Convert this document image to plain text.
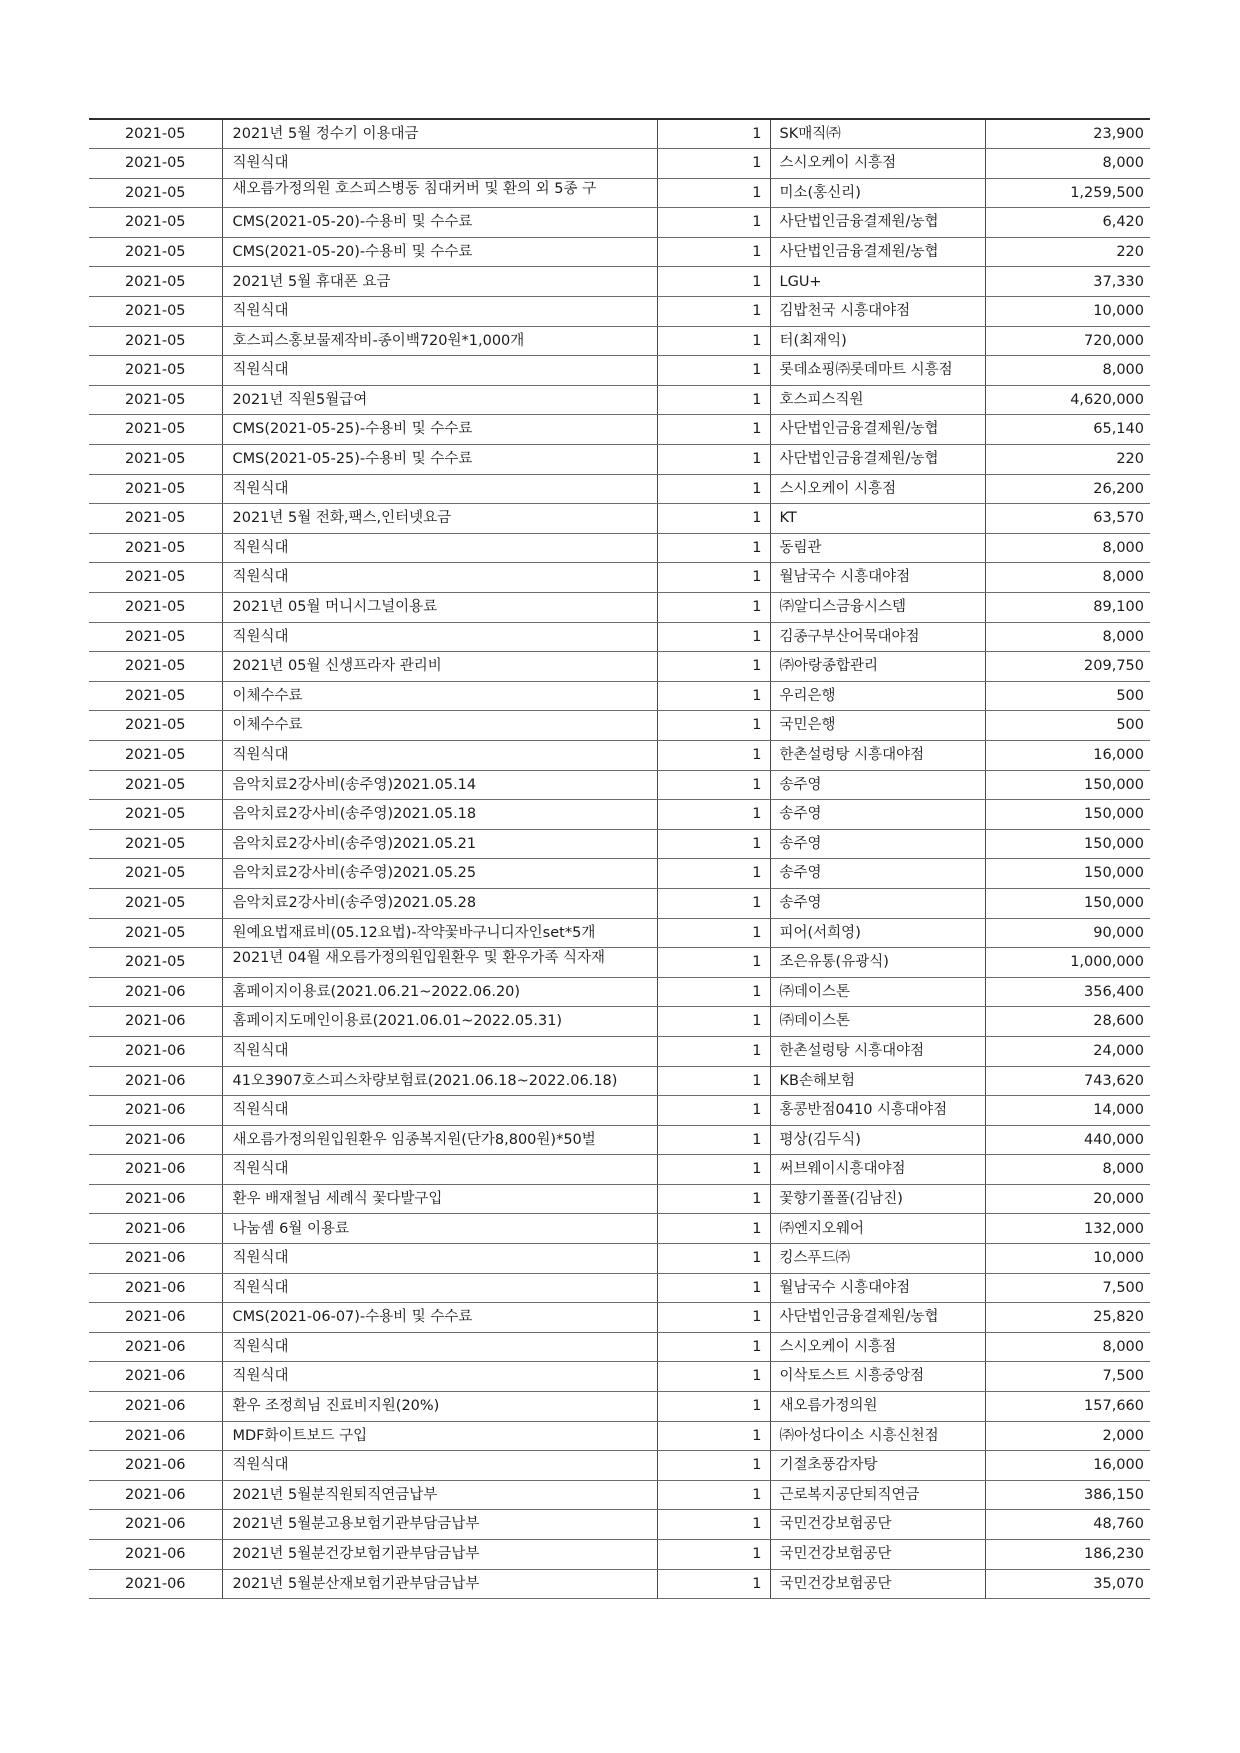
2021-05	2021년 5월 정수기 이용대금	1	SK매직㈜	23,900
2021-05	직원식대	1	스시오케이 시흥점	8,000
2021-05	새오름가정의원 호스피스병동 침대커버 및 환의 외 5종 구	1	미소(홍신리)	1,259,500
2021-05	CMS(2021-05-20)-수용비 및 수수료	1	사단법인금융결제원/농협	6,420
2021-05	CMS(2021-05-20)-수용비 및 수수료	1	사단법인금융결제원/농협	220
2021-05	2021년 5월 휴대폰 요금	1	LGU+	37,330
2021-05	직원식대	1	김밥천국 시흥대야점	10,000
2021-05	호스피스홍보물제작비-종이백720원*1,000개	1	터(최재익)	720,000
2021-05	직원식대	1	롯데쇼핑㈜롯데마트 시흥점	8,000
2021-05	2021년 직원5월급여	1	호스피스직원	4,620,000
2021-05	CMS(2021-05-25)-수용비 및 수수료	1	사단법인금융결제원/농협	65,140
2021-05	CMS(2021-05-25)-수용비 및 수수료	1	사단법인금융결제원/농협	220
2021-05	직원식대	1	스시오케이 시흥점	26,200
2021-05	2021년 5월 전화,팩스,인터넷요금	1	KT	63,570
2021-05	직원식대	1	동림관	8,000
2021-05	직원식대	1	월남국수 시흥대야점	8,000
2021-05	2021년 05월 머니시그널이용료	1	㈜알디스금융시스템	89,100
2021-05	직원식대	1	김종구부산어묵대야점	8,000
2021-05	2021년 05월 신생프라자 관리비	1	㈜아랑종합관리	209,750
2021-05	이체수수료	1	우리은행	500
2021-05	이체수수료	1	국민은행	500
2021-05	직원식대	1	한촌설렁탕 시흥대야점	16,000
2021-05	음악치료2강사비(송주영)2021.05.14	1	송주영	150,000
2021-05	음악치료2강사비(송주영)2021.05.18	1	송주영	150,000
2021-05	음악치료2강사비(송주영)2021.05.21	1	송주영	150,000
2021-05	음악치료2강사비(송주영)2021.05.25	1	송주영	150,000
2021-05	음악치료2강사비(송주영)2021.05.28	1	송주영	150,000
2021-05	원예요법재료비(05.12요법)-작약꽃바구니디자인set*5개	1	피어(서희영)	90,000
2021-05	2021년 04월 새오름가정의원입원환우 및 환우가족 식자재	1	조은유통(유광식)	1,000,000
2021-06	홈페이지이용료(2021.06.21~2022.06.20)	1	㈜데이스톤	356,400
2021-06	홈페이지도메인이용료(2021.06.01~2022.05.31)	1	㈜데이스톤	28,600
2021-06	직원식대	1	한촌설렁탕 시흥대야점	24,000
2021-06	41오3907호스피스차량보험료(2021.06.18~2022.06.18)	1	KB손해보험	743,620
2021-06	직원식대	1	홍콩반점0410 시흥대야점	14,000
2021-06	새오름가정의원입원환우 임종복지원(단가8,800원)*50벌	1	평상(김두식)	440,000
2021-06	직원식대	1	써브웨이시흥대야점	8,000
2021-06	환우 배재철님 세례식 꽃다발구입	1	꽃향기폴폴(김남진)	20,000
2021-06	나눔셈 6월 이용료	1	㈜엔지오웨어	132,000
2021-06	직원식대	1	킹스푸드㈜	10,000
2021-06	직원식대	1	월남국수 시흥대야점	7,500
2021-06	CMS(2021-06-07)-수용비 및 수수료	1	사단법인금융결제원/농협	25,820
2021-06	직원식대	1	스시오케이 시흥점	8,000
2021-06	직원식대	1	이삭토스트 시흥중앙점	7,500
2021-06	환우 조정희님 진료비지원(20%)	1	새오름가정의원	157,660
2021-06	MDF화이트보드 구입	1	㈜아성다이소 시흥신천점	2,000
2021-06	직원식대	1	기절초풍감자탕	16,000
2021-06	2021년 5월분직원퇴직연금납부	1	근로복지공단퇴직연금	386,150
2021-06	2021년 5월분고용보험기관부담금납부	1	국민건강보험공단	48,760
2021-06	2021년 5월분건강보험기관부담금납부	1	국민건강보험공단	186,230
2021-06	2021년 5월분산재보험기관부담금납부	1	국민건강보험공단	35,070
